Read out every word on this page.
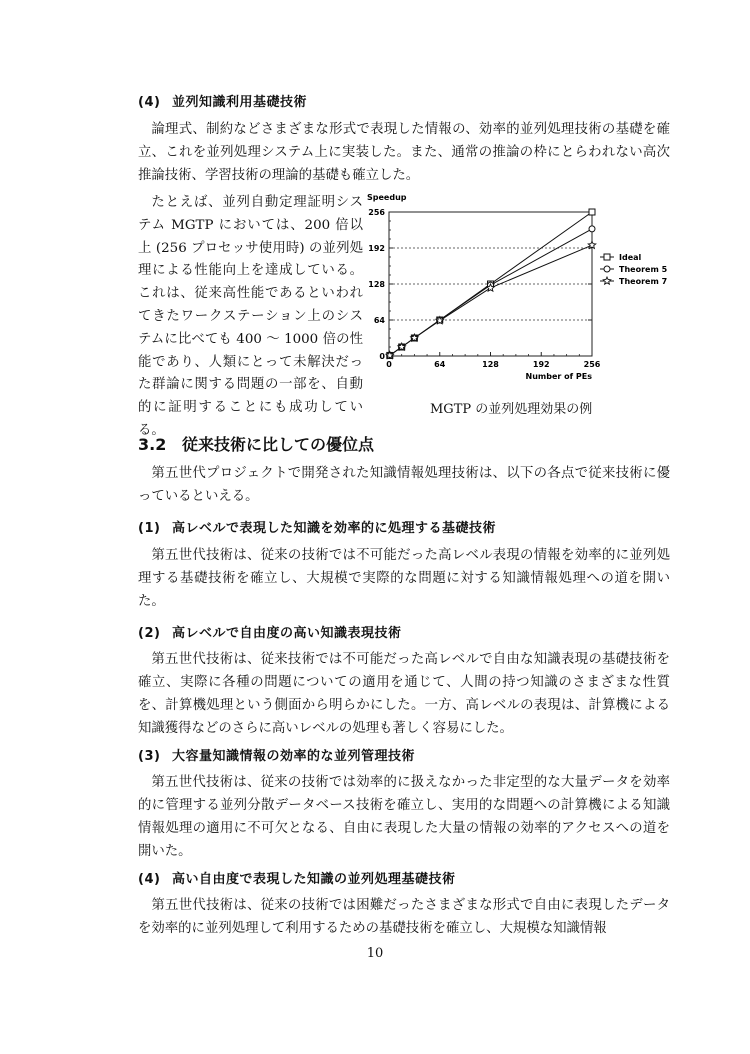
(4) 並列知識利用基礎技術

論理式、制約などさまざまな形式で表現した情報の、効率的並列処理技術の基礎を確立、これを並列処理システム上に実装した。また、通常の推論の枠にとらわれない高次推論技術、学習技術の理論的基礎も確立した。

たとえば、並列自動定理証明システム MGTP においては、200 倍以上 (256 プロセッサ使用時) の並列処理による性能向上を達成している。これは、従来高性能であるといわれてきたワークステーション上のシステムに比べても 400 ～ 1000 倍の性能であり、人類にとって未解決だった群論に関する問題の一部を、自動的に証明することにも成功している。

0
64
128
192
256
0	64	128	192	256
Speedup
Number of PEs
Ideal
Theorem 5
Theorem 7
MGTP の並列処理効果の例
3.2 従来技術に比しての優位点

第五世代プロジェクトで開発された知識情報処理技術は、以下の各点で従来技術に優っているといえる。

(1) 高レベルで表現した知識を効率的に処理する基礎技術

第五世代技術は、従来の技術では不可能だった高レベル表現の情報を効率的に並列処理する基礎技術を確立し、大規模で実際的な問題に対する知識情報処理への道を開いた。

(2) 高レベルで自由度の高い知識表現技術

第五世代技術は、従来技術では不可能だった高レベルで自由な知識表現の基礎技術を確立、実際に各種の問題についての適用を通じて、人間の持つ知識のさまざまな性質を、計算機処理という側面から明らかにした。一方、高レベルの表現は、計算機による知識獲得などのさらに高いレベルの処理も著しく容易にした。

(3) 大容量知識情報の効率的な並列管理技術

第五世代技術は、従来の技術では効率的に扱えなかった非定型的な大量データを効率的に管理する並列分散データベース技術を確立し、実用的な問題への計算機による知識情報処理の適用に不可欠となる、自由に表現した大量の情報の効率的アクセスへの道を開いた。

(4) 高い自由度で表現した知識の並列処理基礎技術

第五世代技術は、従来の技術では困難だったさまざまな形式で自由に表現したデータを効率的に並列処理して利用するための基礎技術を確立し、大規模な知識情報

10
